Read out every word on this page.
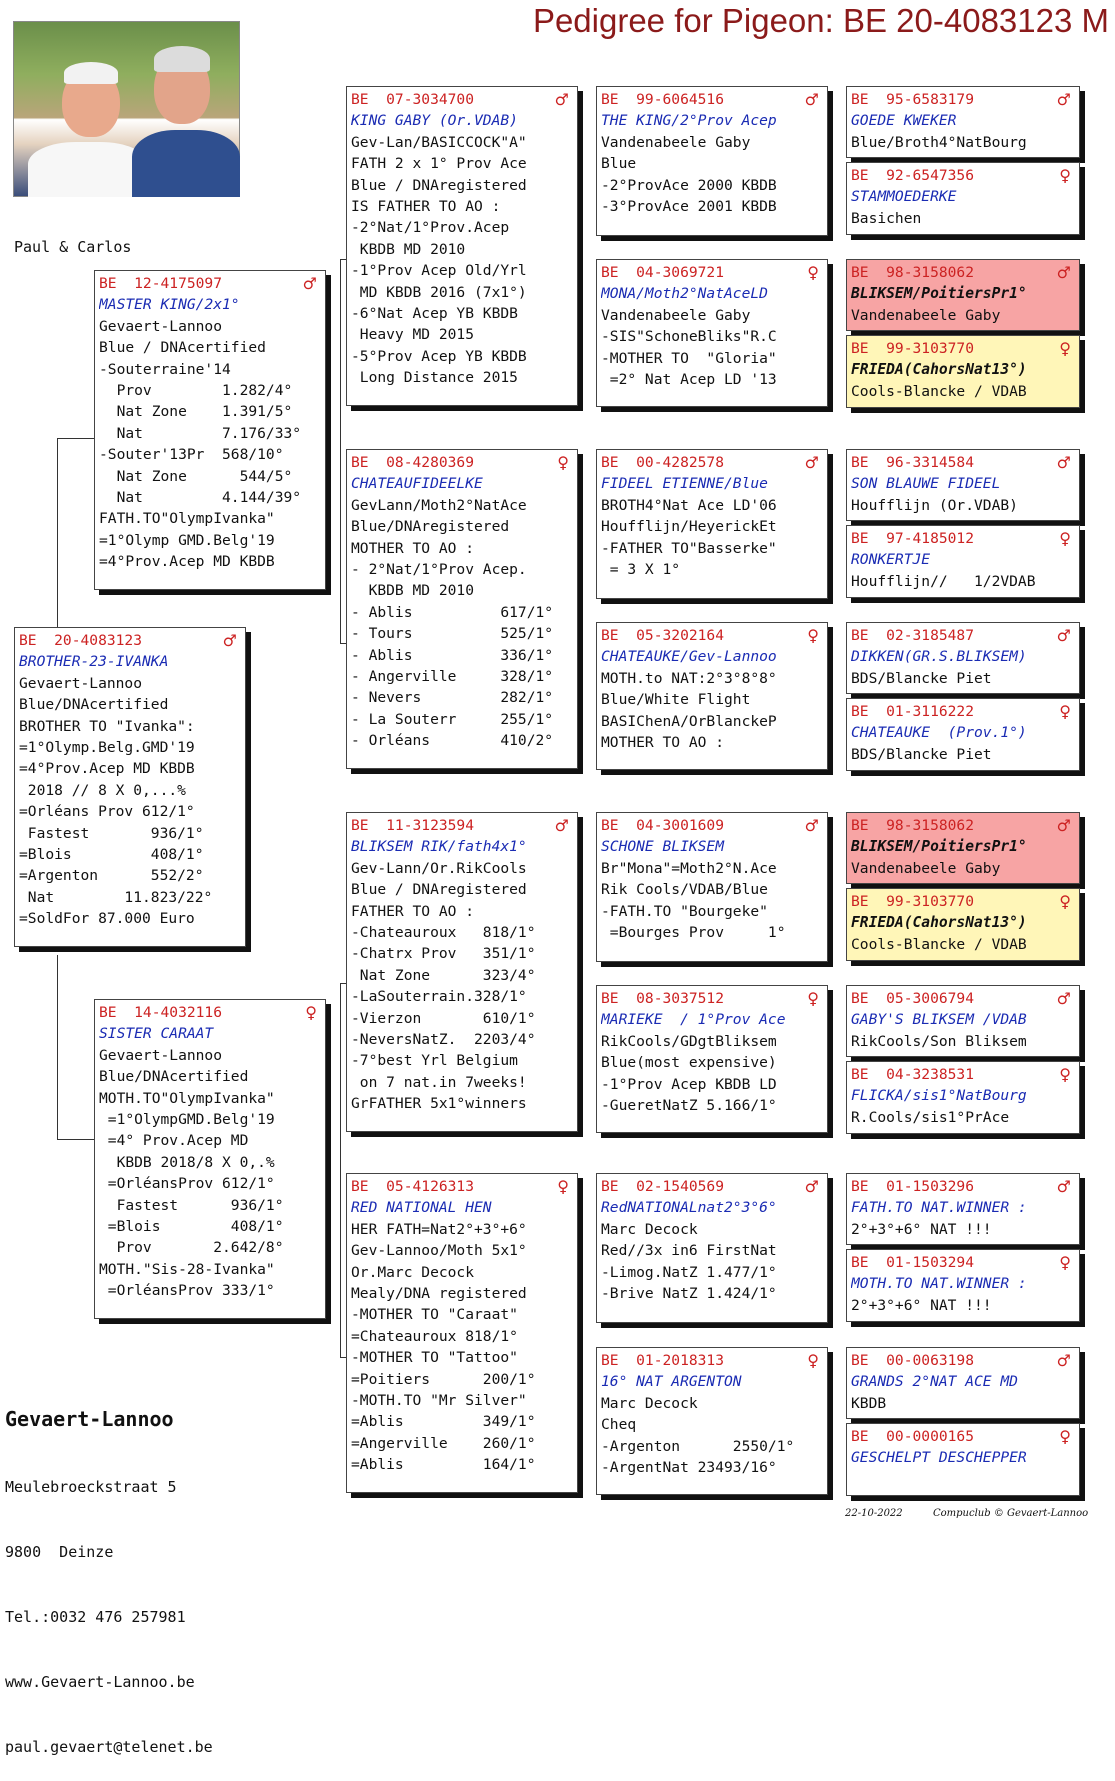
Pedigree for Pigeon: BE 20-4083123 M
Paul & Carlos
BE  20-4083123	♂
BROTHER-23-IVANKA
Gevaert-Lannoo
Blue/DNAcertified
BROTHER TO "Ivanka":
=1°Olymp.Belg.GMD'19
=4°Prov.Acep MD KBDB
2018 // 8 X 0,...%
=Orléans Prov 612/1°
Fastest       936/1°
=Blois         408/1°
=Argenton      552/2°
Nat        11.823/22°
=SoldFor 87.000 Euro
BE  12-4175097	♂
MASTER KING/2x1°
Gevaert-Lannoo
Blue / DNAcertified
-Souterraine'14
Prov        1.282/4°
Nat Zone    1.391/5°
Nat         7.176/33°
-Souter'13Pr  568/10°
Nat Zone      544/5°
Nat         4.144/39°
FATH.TO"OlympIvanka"
=1°Olymp GMD.Belg'19
=4°Prov.Acep MD KBDB
BE  14-4032116	♀
SISTER CARAAT
Gevaert-Lannoo
Blue/DNAcertified
MOTH.TO"OlympIvanka"
=1°OlympGMD.Belg'19
=4° Prov.Acep MD
KBDB 2018/8 X 0,.%
=OrléansProv 612/1°
Fastest      936/1°
=Blois        408/1°
Prov       2.642/8°
MOTH."Sis-28-Ivanka"
=OrléansProv 333/1°
BE  07-3034700	♂
KING GABY (Or.VDAB)
Gev-Lan/BASICCOCK"A"
FATH 2 x 1° Prov Ace
Blue / DNAregistered
IS FATHER TO AO :
-2°Nat/1°Prov.Acep
KBDB MD 2010
-1°Prov Acep Old/Yrl
MD KBDB 2016 (7x1°)
-6°Nat Acep YB KBDB
Heavy MD 2015
-5°Prov Acep YB KBDB
Long Distance 2015
BE  08-4280369	♀
CHATEAUFIDEELKE
GevLann/Moth2°NatAce
Blue/DNAregistered
MOTHER TO AO :
- 2°Nat/1°Prov Acep.
KBDB MD 2010
- Ablis          617/1°
- Tours          525/1°
- Ablis          336/1°
- Angerville     328/1°
- Nevers         282/1°
- La Souterr     255/1°
- Orléans        410/2°
BE  11-3123594	♂
BLIKSEM RIK/fath4x1°
Gev-Lann/Or.RikCools
Blue / DNAregistered
FATHER TO AO :
-Chateauroux   818/1°
-Chatrx Prov   351/1°
Nat Zone      323/4°
-LaSouterrain.328/1°
-Vierzon       610/1°
-NeversNatZ.  2203/4°
-7°best Yrl Belgium
on 7 nat.in 7weeks!
GrFATHER 5x1°winners
BE  05-4126313	♀
RED NATIONAL HEN
HER FATH=Nat2°+3°+6°
Gev-Lannoo/Moth 5x1°
Or.Marc Decock
Mealy/DNA registered
-MOTHER TO "Caraat"
=Chateauroux 818/1°
-MOTHER TO "Tattoo"
=Poitiers      200/1°
-MOTH.TO "Mr Silver"
=Ablis         349/1°
=Angerville    260/1°
=Ablis         164/1°
BE  99-6064516	♂
THE KING/2°Prov Acep
Vandenabeele Gaby
Blue
-2°ProvAce 2000 KBDB
-3°ProvAce 2001 KBDB
BE  04-3069721	♀
MONA/Moth2°NatAceLD
Vandenabeele Gaby
-SIS"SchoneBliks"R.C
-MOTHER TO  "Gloria"
=2° Nat Acep LD '13
BE  00-4282578	♂
FIDEEL ETIENNE/Blue
BROTH4°Nat Ace LD'06
Houfflijn/HeyerickEt
-FATHER TO"Basserke"
= 3 X 1°
BE  05-3202164	♀
CHATEAUKE/Gev-Lannoo
MOTH.to NAT:2°3°8°8°
Blue/White Flight
BASIChenA/OrBlanckeP
MOTHER TO AO :
BE  04-3001609	♂
SCHONE BLIKSEM
Br"Mona"=Moth2°N.Ace
Rik Cools/VDAB/Blue
-FATH.TO "Bourgeke"
=Bourges Prov     1°
BE  08-3037512	♀
MARIEKE  / 1°Prov Ace
RikCools/GDgtBliksem
Blue(most expensive)
-1°Prov Acep KBDB LD
-GueretNatZ 5.166/1°
BE  02-1540569	♂
RedNATIONALnat2°3°6°
Marc Decock
Red//3x in6 FirstNat
-Limog.NatZ 1.477/1°
-Brive NatZ 1.424/1°
BE  01-2018313	♀
16° NAT ARGENTON
Marc Decock
Cheq
-Argenton      2550/1°
-ArgentNat 23493/16°
BE  95-6583179	♂
GOEDE KWEKER
Blue/Broth4°NatBourg
BE  92-6547356	♀
STAMMOEDERKE
Basichen
BE  98-3158062	♂
BLIKSEM/PoitiersPr1°
Vandenabeele Gaby
BE  99-3103770	♀
FRIEDA(CahorsNat13°)
Cools-Blancke / VDAB
BE  96-3314584	♂
SON BLAUWE FIDEEL
Houfflijn (Or.VDAB)
BE  97-4185012	♀
RONKERTJE
Houfflijn//   1/2VDAB
BE  02-3185487	♂
DIKKEN(GR.S.BLIKSEM)
BDS/Blancke Piet
BE  01-3116222	♀
CHATEAUKE  (Prov.1°)
BDS/Blancke Piet
BE  98-3158062	♂
BLIKSEM/PoitiersPr1°
Vandenabeele Gaby
BE  99-3103770	♀
FRIEDA(CahorsNat13°)
Cools-Blancke / VDAB
BE  05-3006794	♂
GABY'S BLIKSEM /VDAB
RikCools/Son Bliksem
BE  04-3238531	♀
FLICKA/sis1°NatBourg
R.Cools/sis1°PrAce
BE  01-1503296	♂
FATH.TO NAT.WINNER :
2°+3°+6° NAT !!!
BE  01-1503294	♀
MOTH.TO NAT.WINNER :
2°+3°+6° NAT !!!
BE  00-0063198	♂
GRANDS 2°NAT ACE MD
KBDB
BE  00-0000165	♀
GESCHELPT DESCHEPPER

Gevaert-Lannoo

Meulebroeckstraat 5

9800  Deinze

Tel.:0032 476 257981

www.Gevaert-Lannoo.be

paul.gevaert@telenet.be

22-10-2022	Compuclub © Gevaert-Lannoo
